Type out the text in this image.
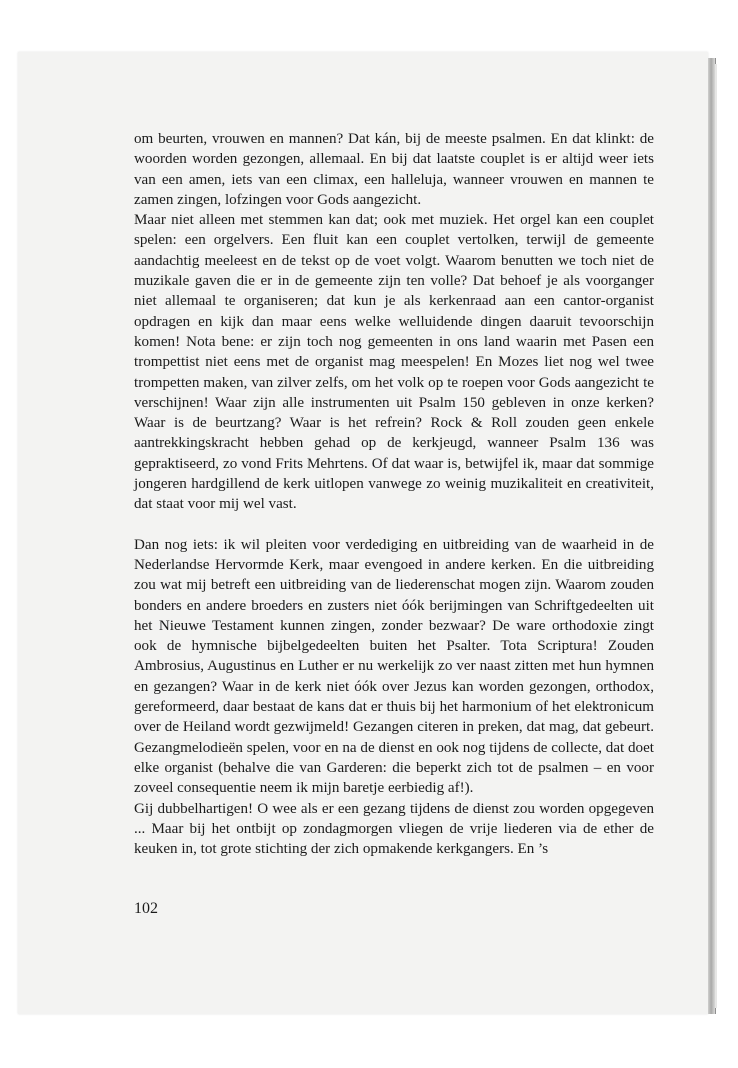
om beurten, vrouwen en mannen? Dat kán, bij de meeste psalmen. En dat klinkt: de woorden worden gezongen, allemaal. En bij dat laatste couplet is er altijd weer iets van een amen, iets van een climax, een halleluja, wanneer vrouwen en mannen te zamen zingen, lofzingen voor Gods aangezicht.

Maar niet alleen met stemmen kan dat; ook met muziek. Het orgel kan een couplet spelen: een orgelvers. Een fluit kan een couplet vertolken, terwijl de gemeente aandachtig meeleest en de tekst op de voet volgt. Waarom benutten we toch niet de muzikale gaven die er in de gemeente zijn ten volle? Dat behoef je als voorganger niet allemaal te organiseren; dat kun je als kerkenraad aan een cantor-organist opdragen en kijk dan maar eens welke welluidende dingen daaruit tevoorschijn komen! Nota bene: er zijn toch nog gemeenten in ons land waarin met Pasen een trompettist niet eens met de organist mag meespelen! En Mozes liet nog wel twee trompetten maken, van zilver zelfs, om het volk op te roepen voor Gods aangezicht te verschijnen! Waar zijn alle instrumenten uit Psalm 150 gebleven in onze kerken? Waar is de beurtzang? Waar is het refrein? Rock & Roll zouden geen enkele aantrekkingskracht hebben gehad op de kerkjeugd, wanneer Psalm 136 was gepraktiseerd, zo vond Frits Mehrtens. Of dat waar is, betwijfel ik, maar dat sommige jongeren hardgillend de kerk uitlopen vanwege zo weinig muzikaliteit en creativiteit, dat staat voor mij wel vast.

Dan nog iets: ik wil pleiten voor verdediging en uitbreiding van de waarheid in de Nederlandse Hervormde Kerk, maar evengoed in andere kerken. En die uitbreiding zou wat mij betreft een uitbreiding van de liederenschat mogen zijn. Waarom zouden bonders en andere broeders en zusters niet óók berijmingen van Schriftgedeelten uit het Nieuwe Testament kunnen zingen, zonder bezwaar? De ware orthodoxie zingt ook de hymnische bijbelgedeelten buiten het Psalter. Tota Scriptura! Zouden Ambrosius, Augustinus en Luther er nu werkelijk zo ver naast zitten met hun hymnen en gezangen? Waar in de kerk niet óók over Jezus kan worden gezongen, orthodox, gereformeerd, daar bestaat de kans dat er thuis bij het harmonium of het elektronicum over de Heiland wordt gezwijmeld! Gezangen citeren in preken, dat mag, dat gebeurt. Gezangmelodieën spelen, voor en na de dienst en ook nog tijdens de collecte, dat doet elke organist (behalve die van Garderen: die beperkt zich tot de psalmen – en voor zoveel consequentie neem ik mijn baretje eerbiedig af!).

Gij dubbelhartigen! O wee als er een gezang tijdens de dienst zou worden opgegeven ... Maar bij het ontbijt op zondagmorgen vliegen de vrije liederen via de ether de keuken in, tot grote stichting der zich opmakende kerkgangers. En ’s

102
